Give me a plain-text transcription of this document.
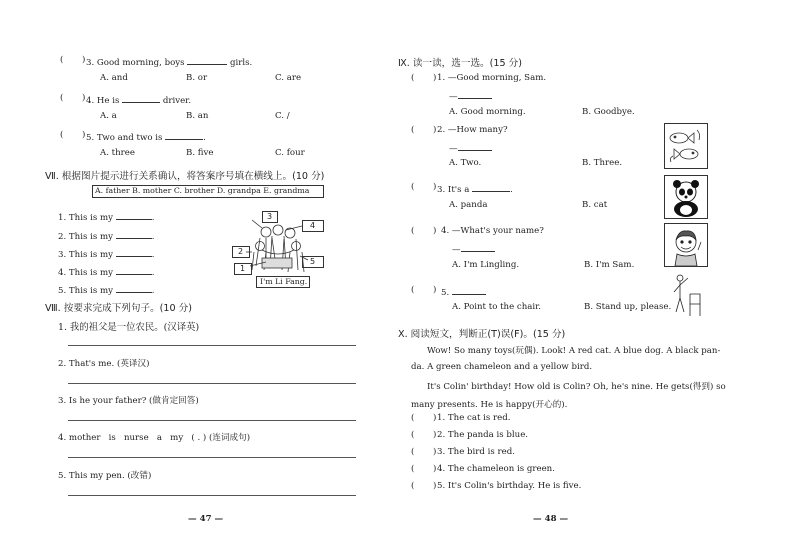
( ) 3. Good morning, boys	girls.
A. and	B. or	C. are
( ) 4. He is	driver.
A. a	B. an	C. /
( ) 5. Two and two is	.
A. three	B. five	C. four
Ⅶ. 根据图片提示进行关系确认，将答案序号填在横线上。(10 分)
A. father B. mother C. brother D. grandpa E. grandma
1. This is my	.
2. This is my	.
3. This is my	.
4. This is my	.
5. This is my	.
3
4
2
5
1
I'm Li Fang.
Ⅷ. 按要求完成下列句子。(10 分)
1. 我的祖父是一位农民。(汉译英)
2. That's me. (英译汉)
3. Is he your father? (做肯定回答)
4. mother   is   nurse   a   my   ( . ) (连词成句)
5. This my pen. (改错)
— 47 —
Ⅸ. 读一读，选一选。(15 分)
( ) 1. —Good morning, Sam.
—
A. Good morning.	B. Goodbye.
( ) 2. —How many?
—
A. Two.	B. Three.
( ) 3. It's a	.
A. panda	B. cat
( ) 4. —What's your name?
—
A. I'm Lingling.	B. I'm Sam.
( ) 5.
A. Point to the chair.	B. Stand up, please.
Ⅹ. 阅读短文，判断正(T)误(F)。(15 分)
Wow! So many toys(玩偶). Look! A red cat. A blue dog. A black pan-
da. A green chameleon and a yellow bird.
It's Colin' birthday! How old is Colin? Oh, he's nine. He gets(得到) so
many presents. He is happy(开心的).
( ) 1. The cat is red.
( ) 2. The panda is blue.
( ) 3. The bird is red.
( ) 4. The chameleon is green.
( ) 5. It's Colin's birthday. He is five.
— 48 —
